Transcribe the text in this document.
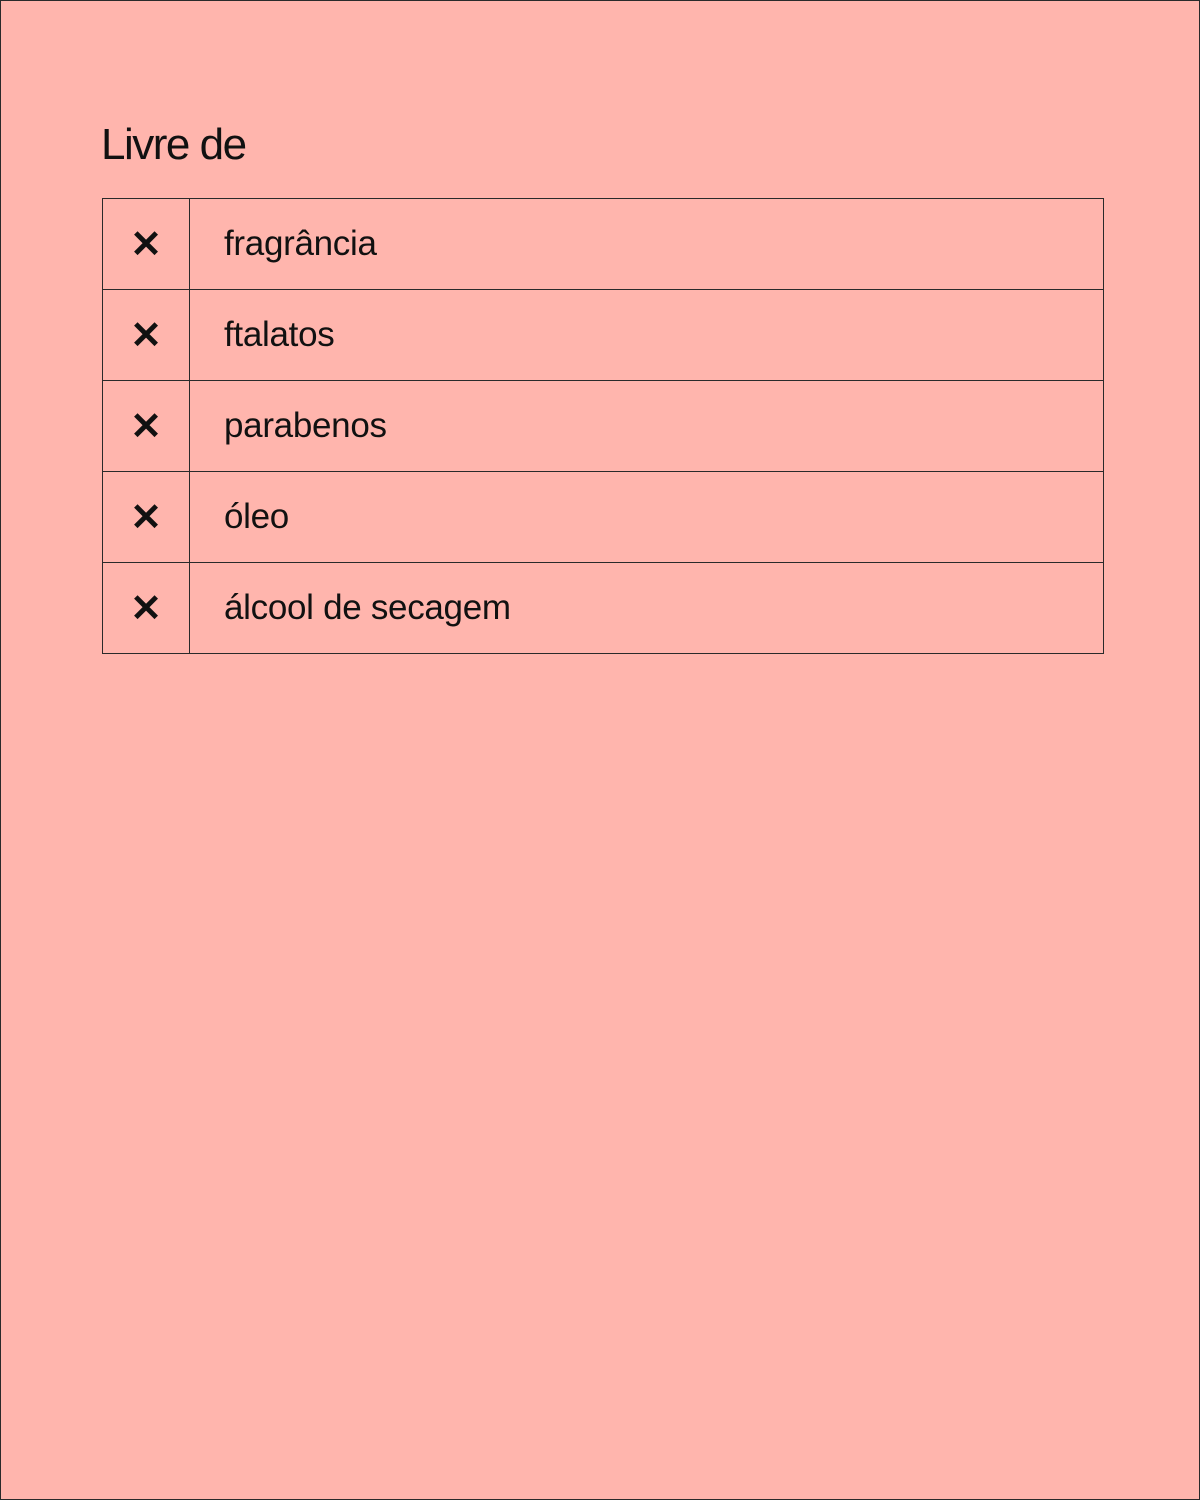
Livre de
✕	fragrância
✕	ftalatos
✕	parabenos
✕	óleo
✕	álcool de secagem
